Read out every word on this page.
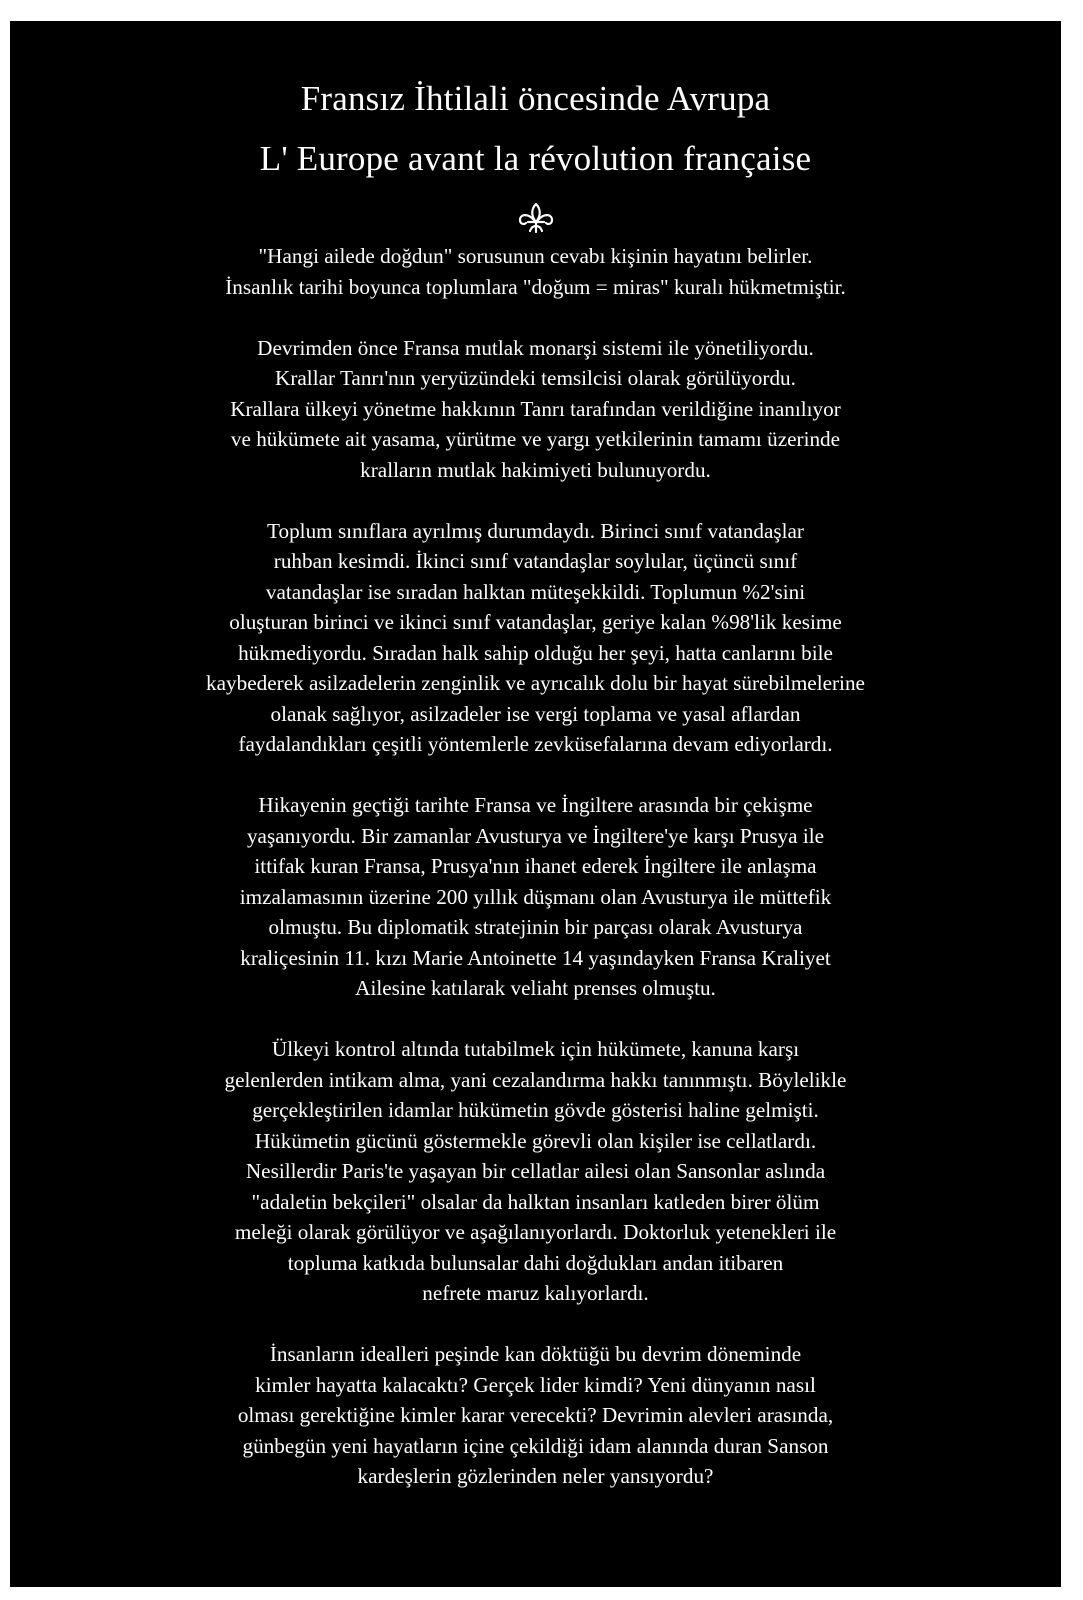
Fransız İhtilali öncesinde Avrupa
L' Europe avant la révolution française

"Hangi ailede doğdun" sorusunun cevabı kişinin hayatını belirler.
İnsanlık tarihi boyunca toplumlara "doğum = miras" kuralı hükmetmiştir.

Devrimden önce Fransa mutlak monarşi sistemi ile yönetiliyordu.
Krallar Tanrı'nın yeryüzündeki temsilcisi olarak görülüyordu.
Krallara ülkeyi yönetme hakkının Tanrı tarafından verildiğine inanılıyor
ve hükümete ait yasama, yürütme ve yargı yetkilerinin tamamı üzerinde
kralların mutlak hakimiyeti bulunuyordu.

Toplum sınıflara ayrılmış durumdaydı. Birinci sınıf vatandaşlar
ruhban kesimdi. İkinci sınıf vatandaşlar soylular, üçüncü sınıf
vatandaşlar ise sıradan halktan müteşekkildi. Toplumun %2'sini
oluşturan birinci ve ikinci sınıf vatandaşlar, geriye kalan %98'lik kesime
hükmediyordu. Sıradan halk sahip olduğu her şeyi, hatta canlarını bile
kaybederek asilzadelerin zenginlik ve ayrıcalık dolu bir hayat sürebilmelerine
olanak sağlıyor, asilzadeler ise vergi toplama ve yasal aflardan
faydalandıkları çeşitli yöntemlerle zevküsefalarına devam ediyorlardı.

Hikayenin geçtiği tarihte Fransa ve İngiltere arasında bir çekişme
yaşanıyordu. Bir zamanlar Avusturya ve İngiltere'ye karşı Prusya ile
ittifak kuran Fransa, Prusya'nın ihanet ederek İngiltere ile anlaşma
imzalamasının üzerine 200 yıllık düşmanı olan Avusturya ile müttefik
olmuştu. Bu diplomatik stratejinin bir parçası olarak Avusturya
kraliçesinin 11. kızı Marie Antoinette 14 yaşındayken Fransa Kraliyet
Ailesine katılarak veliaht prenses olmuştu.

Ülkeyi kontrol altında tutabilmek için hükümete, kanuna karşı
gelenlerden intikam alma, yani cezalandırma hakkı tanınmıştı. Böylelikle
gerçekleştirilen idamlar hükümetin gövde gösterisi haline gelmişti.
Hükümetin gücünü göstermekle görevli olan kişiler ise cellatlardı.
Nesillerdir Paris'te yaşayan bir cellatlar ailesi olan Sansonlar aslında
"adaletin bekçileri" olsalar da halktan insanları katleden birer ölüm
meleği olarak görülüyor ve aşağılanıyorlardı. Doktorluk yetenekleri ile
topluma katkıda bulunsalar dahi doğdukları andan itibaren
nefrete maruz kalıyorlardı.

İnsanların idealleri peşinde kan döktüğü bu devrim döneminde
kimler hayatta kalacaktı? Gerçek lider kimdi? Yeni dünyanın nasıl
olması gerektiğine kimler karar verecekti? Devrimin alevleri arasında,
günbegün yeni hayatların içine çekildiği idam alanında duran Sanson
kardeşlerin gözlerinden neler yansıyordu?
